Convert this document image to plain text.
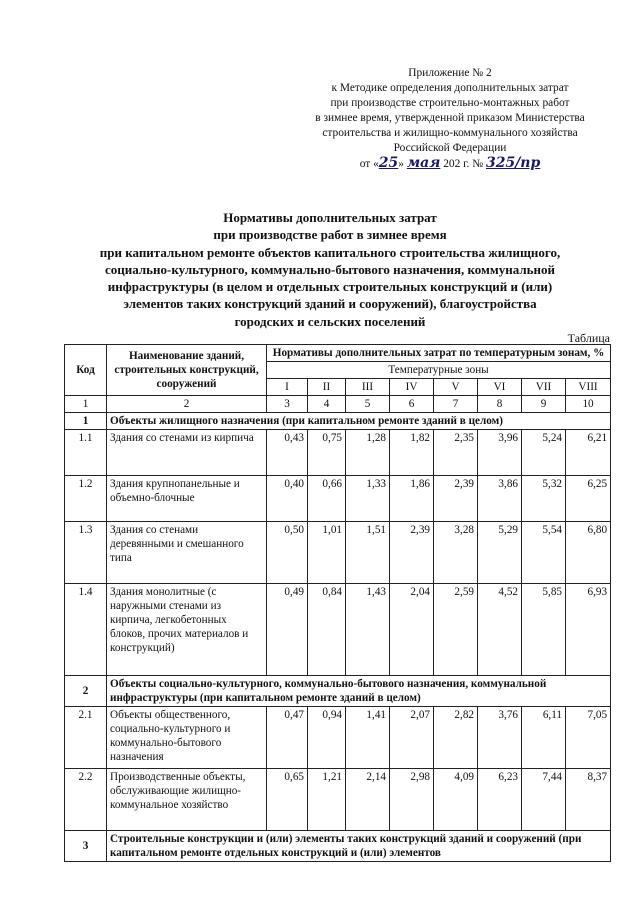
Приложение № 2
к Методике определения дополнительных затрат
при производстве строительно-монтажных работ
в зимнее время, утвержденной приказом Министерства
строительства и жилищно-коммунального хозяйства
Российской Федерации
от «25» мая 202 г. № 325/пр
Нормативы дополнительных затрат
при производстве работ в зимнее время
при капитальном ремонте объектов капитального строительства жилищного,
социально-культурного, коммунально-бытового назначения, коммунальной
инфраструктуры (в целом и отдельных строительных конструкций и (или)
элементов таких конструкций зданий и сооружений), благоустройства
городских и сельских поселений
Таблица
Код	Наименование зданий, строительных конструкций, сооружений	Нормативы дополнительных затрат по температурным зонам, %							
		Температурные зоны							
		I	II	III	IV	V	VI	VII	VIII
1	2	3	4	5	6	7	8	9	10
1	Объекты жилищного назначения (при капитальном ремонте зданий в целом)								
1.1	Здания со стенами из кирпича	0,43	0,75	1,28	1,82	2,35	3,96	5,24	6,21
1.2	Здания крупнопанельные и объемно-блочные	0,40	0,66	1,33	1,86	2,39	3,86	5,32	6,25
1.3	Здания со стенами деревянными и смешанного типа	0,50	1,01	1,51	2,39	3,28	5,29	5,54	6,80
1.4	Здания монолитные (с наружными стенами из кирпича, легкобетонных блоков, прочих материалов и конструкций)	0,49	0,84	1,43	2,04	2,59	4,52	5,85	6,93
2	Объекты социально-культурного, коммунально-бытового назначения, коммунальной инфраструктуры (при капитальном ремонте зданий в целом)								
2.1	Объекты общественного, социально-культурного и коммунально-бытового назначения	0,47	0,94	1,41	2,07	2,82	3,76	6,11	7,05
2.2	Производственные объекты, обслуживающие жилищно-коммунальное хозяйство	0,65	1,21	2,14	2,98	4,09	6,23	7,44	8,37
3	Строительные конструкции и (или) элементы таких конструкций зданий и сооружений (при капитальном ремонте отдельных конструкций и (или) элементов								
